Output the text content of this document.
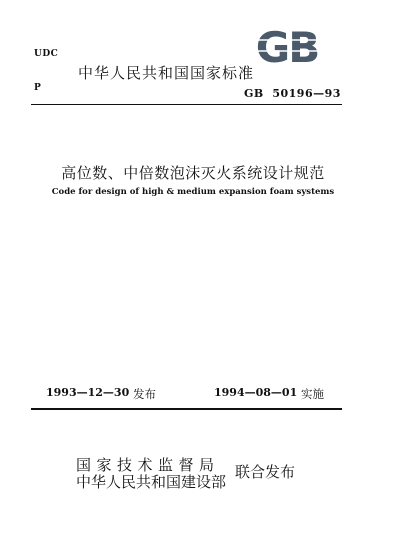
UDC
P
中华人民共和国国家标准
GB
GB  50196—93
高位数、中倍数泡沫灭火系统设计规范
Code for design of high & medium expansion foam systems
1993—12—30 发布	1994—08—01 实施
国家技术监督局
中华人民共和国建设部
联合发布
